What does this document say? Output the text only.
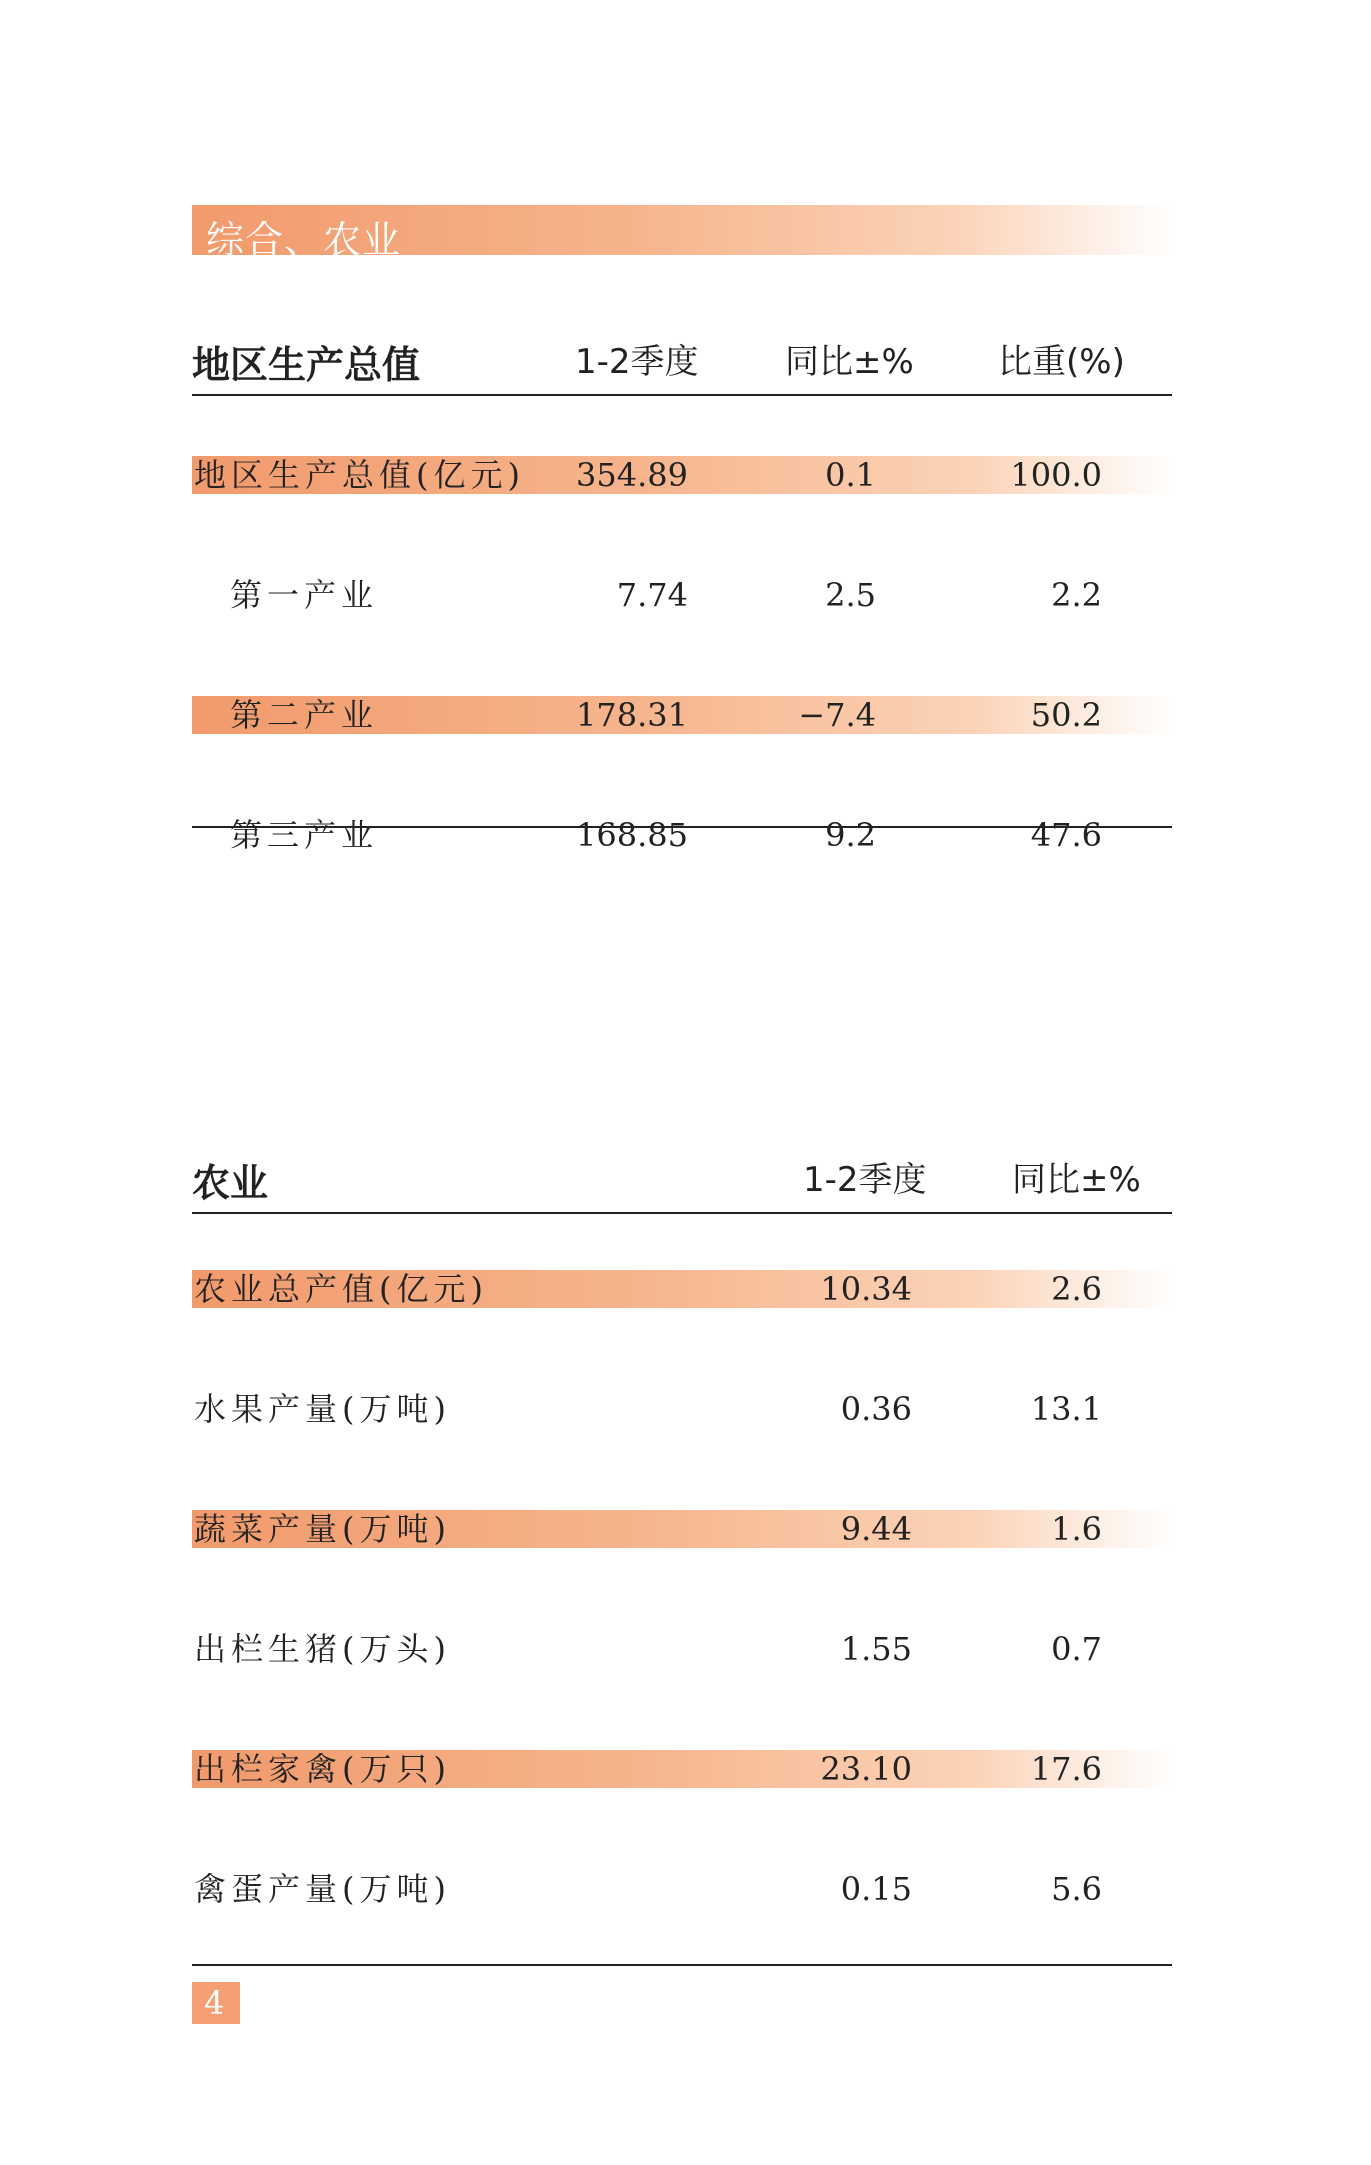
综合、农业
地区生产总值	1-2季度	同比±% 比重(%)
地区生产总值(亿元) 354.89	0.1	100.0
第一产业	7.74	2.5	2.2
第二产业	178.31	−7.4	50.2
第三产业	168.85	9.2	47.6
农业	1-2季度	同比±%
农业总产值(亿元)	10.34	2.6
水果产量(万吨)	0.36	13.1
蔬菜产量(万吨)	9.44	1.6
出栏生猪(万头)	1.55	0.7
出栏家禽(万只)	23.10	17.6
禽蛋产量(万吨)	0.15	5.6
4
